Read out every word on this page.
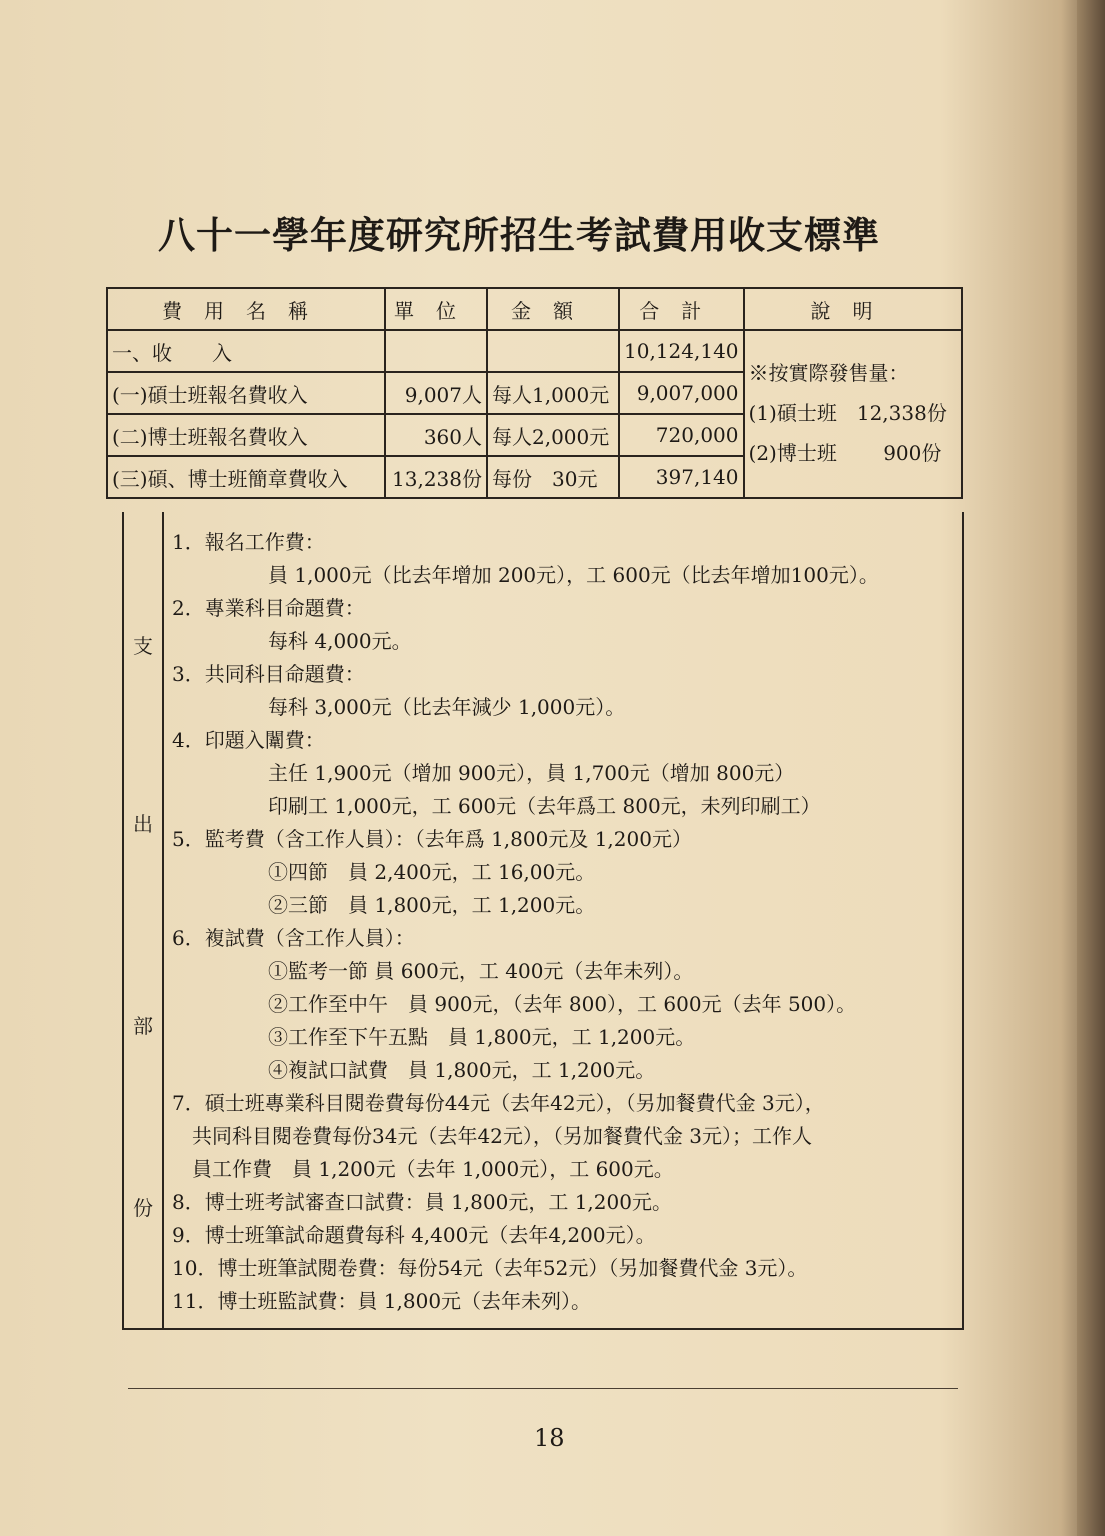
八十一學年度研究所招生考試費用收支標準
費用名稱	單位	金額	合計	說明
一、收　　入			10,124,140	※按實際發售量：
(1)碩士班　12,338份
(2)博士班　　 900份

(一)碩士班報名費收入	9,007人	每人1,000元	9,007,000	
(二)博士班報名費收入	360人	每人2,000元	720,000	
(三)碩、博士班簡章費收入	13,238份	每份　30元	397,140	
支
出
部
份
1．報名工作費：
員 1,000元（比去年增加 200元），工 600元（比去年增加100元）。
2．專業科目命題費：
每科 4,000元。
3．共同科目命題費：
每科 3,000元（比去年減少 1,000元）。
4．印題入闈費：
主任 1,900元（增加 900元），員 1,700元（增加 800元）
印刷工 1,000元，工 600元（去年爲工 800元，未列印刷工）
5．監考費（含工作人員）：（去年爲 1,800元及 1,200元）
①四節　員 2,400元，工 16,00元。
②三節　員 1,800元，工 1,200元。
6．複試費（含工作人員）：
①監考一節 員 600元，工 400元（去年未列）。
②工作至中午　員 900元，（去年 800），工 600元（去年 500）。
③工作至下午五點　員 1,800元，工 1,200元。
④複試口試費　員 1,800元，工 1,200元。
7．碩士班專業科目閱卷費每份44元（去年42元），（另加餐費代金 3元），
　共同科目閱卷費每份34元（去年42元），（另加餐費代金 3元）；工作人
　員工作費　員 1,200元（去年 1,000元），工 600元。
8．博士班考試審查口試費：員 1,800元，工 1,200元。
9．博士班筆試命題費每科 4,400元（去年4,200元）。
10．博士班筆試閱卷費：每份54元（去年52元）（另加餐費代金 3元）。
11．博士班監試費：員 1,800元（去年未列）。
18
